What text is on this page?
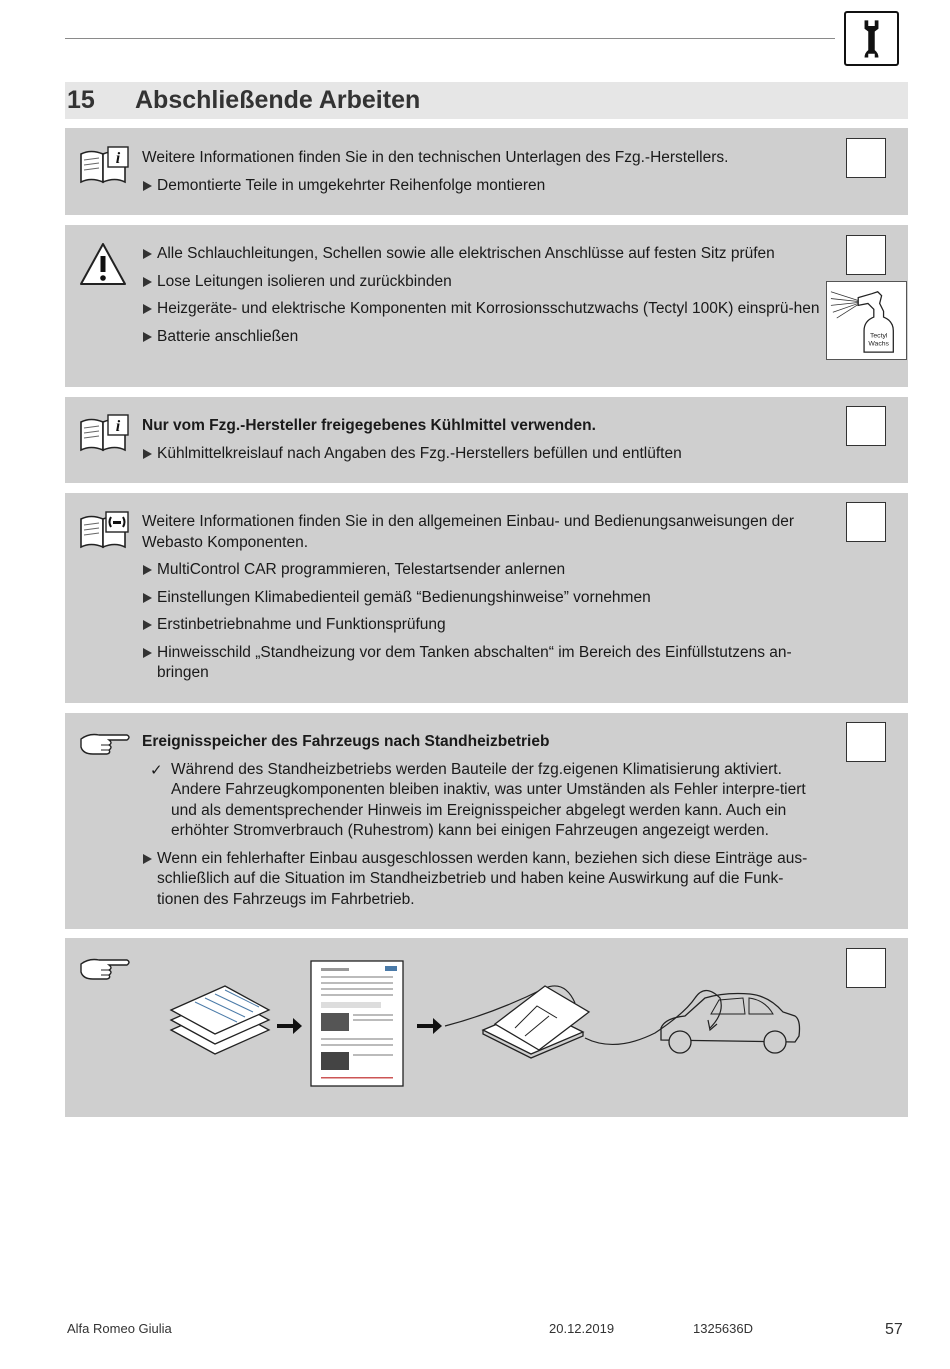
15	Abschließende Arbeiten
i Weitere Informationen finden Sie in den technischen Unterlagen des Fzg.-Herstellers.
Demontierte Teile in umgekehrter Reihenfolge montieren
Alle Schlauchleitungen, Schellen sowie alle elektrischen Anschlüsse auf festen Sitz prüfen
Lose Leitungen isolieren und zurückbinden
Heizgeräte- und elektrische Komponenten mit Korrosionsschutzwachs (Tectyl 100K) einsprü-hen
Batterie anschließen	Tectyl
Wachs
i Nur vom Fzg.-Hersteller freigegebenes Kühlmittel verwenden.
Kühlmittelkreislauf nach Angaben des Fzg.-Herstellers befüllen und entlüften
Weitere Informationen finden Sie in den allgemeinen Einbau- und Bedienungsanweisungen der Webasto Komponenten.
MultiControl CAR programmieren, Telestartsender anlernen
Einstellungen Klimabedienteil gemäß “Bedienungshinweise” vornehmen
Erstinbetriebnahme und Funktionsprüfung
Hinweisschild „Standheizung vor dem Tanken abschalten“ im Bereich des Einfüllstutzens an-bringen
Ereignisspeicher des Fahrzeugs nach Standheizbetrieb
✓ Während des Standheizbetriebs werden Bauteile der fzg.eigenen Klimatisierung aktiviert. Andere Fahrzeugkomponenten bleiben inaktiv, was unter Umständen als Fehler interpre-tiert und als dementsprechender Hinweis im Ereignisspeicher abgelegt werden kann. Auch ein erhöhter Stromverbrauch (Ruhestrom) kann bei einigen Fahrzeugen angezeigt werden.
Wenn ein fehlerhafter Einbau ausgeschlossen werden kann, beziehen sich diese Einträge aus-schließlich auf die Situation im Standheizbetrieb und haben keine Auswirkung auf die Funk-tionen des Fahrzeugs im Fahrbetrieb.
Alfa Romeo Giulia	20.12.2019	1325636D	57
